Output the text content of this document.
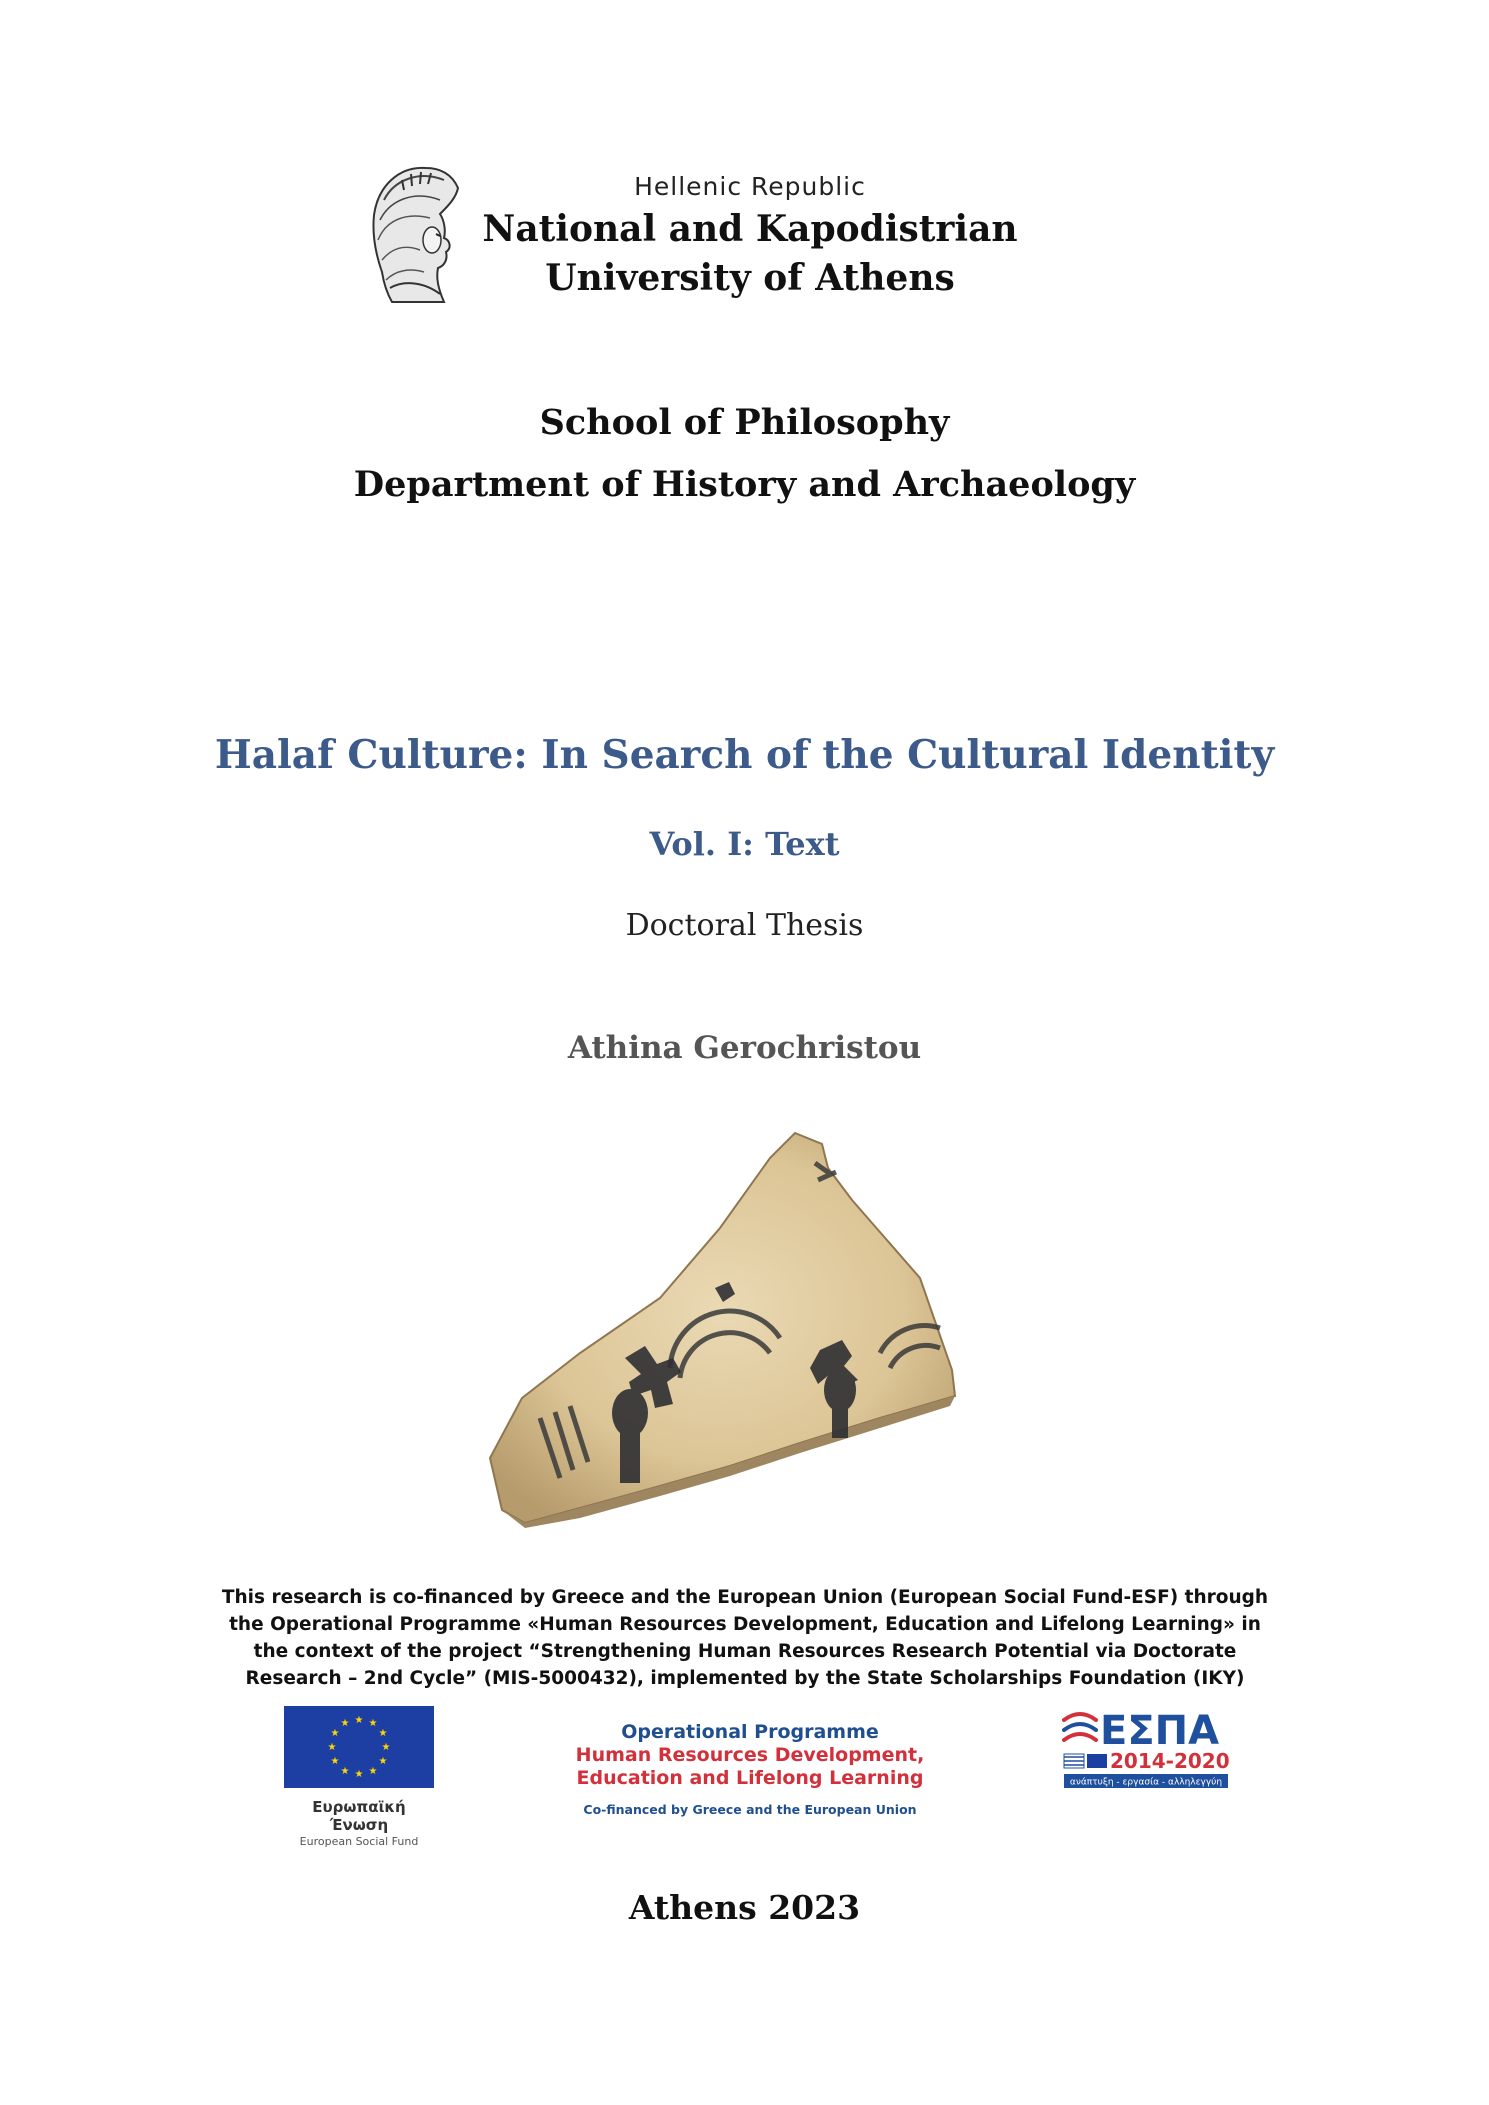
Hellenic Republic
National and Kapodistrian
University of Athens
School of Philosophy
Department of History and Archaeology
Halaf Culture: In Search of the Cultural Identity
Vol. I: Text
Doctoral Thesis
Athina Gerochristou
This research is co-financed by Greece and the European Union (European Social Fund-ESF) through the Operational Programme «Human Resources Development, Education and Lifelong Learning» in the context of the project “Strengthening Human Resources Research Potential via Doctorate Research – 2nd Cycle” (MIS-5000432), implemented by the State Scholarships Foundation (IKY)
★ ★
★
★
★
★
★
★
★
★
★
★
Ευρωπαϊκή Ένωση
European Social Fund
Operational Programme
Human Resources Development,
Education and Lifelong Learning
Co-financed by Greece and the European Union
ΕΣΠΑ
2014-2020
ανάπτυξη - εργασία - αλληλεγγύη
Athens 2023
